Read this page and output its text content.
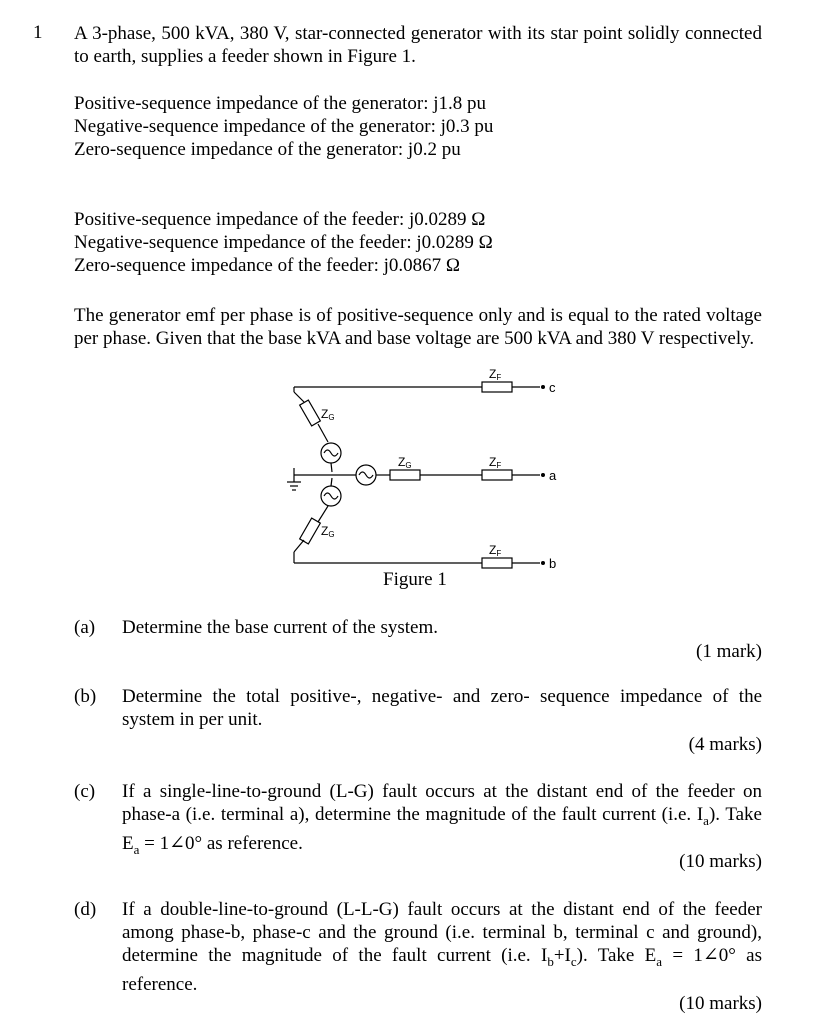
1 A 3-phase, 500 kVA, 380 V, star-connected generator with its star point solidly connected to earth, supplies a feeder shown in Figure 1.
Positive-sequence impedance of the generator: j1.8 pu
Negative-sequence impedance of the generator: j0.3 pu
Zero-sequence impedance of the generator: j0.2 pu
Positive-sequence impedance of the feeder: j0.0289 Ω
Negative-sequence impedance of the feeder: j0.0289 Ω
Zero-sequence impedance of the feeder: j0.0867 Ω
The generator emf per phase is of positive-sequence only and is equal to the rated voltage per phase. Given that the base kVA and base voltage are 500 kVA and 380 V respectively.
ZF
ZF
ZF
ZG
ZG
ZG
c
a
b
Figure 1
(a) Determine the base current of the system.
(1 mark)
(b) Determine the total positive-, negative- and zero- sequence impedance of the system in per unit.
(4 marks)
(c) If a single-line-to-ground (L-G) fault occurs at the distant end of the feeder on phase-a (i.e. terminal a), determine the magnitude of the fault current (i.e. $I_a$). Take $E_a$ = 1∠0° as reference.
(10 marks)
(d) If a double-line-to-ground (L-L-G) fault occurs at the distant end of the feeder among phase-b, phase-c and the ground (i.e. terminal b, terminal c and ground), determine the magnitude of the fault current (i.e. $I_b+I_c$). Take $E_a$ = 1∠0° as reference.
(10 marks)
